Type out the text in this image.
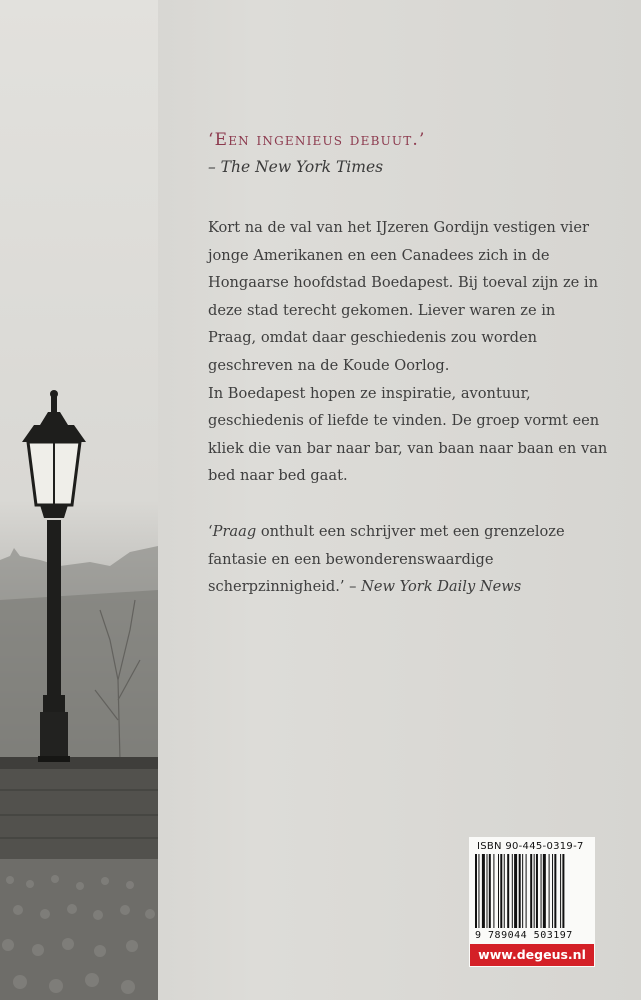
‘Een ingenieus debuut.’

– The New York Times

Kort na de val van het IJzeren Gordijn vestigen vier jonge Amerikanen en een Canadees zich in de Hongaarse hoofdstad Boedapest. Bij toeval zijn ze in deze stad terecht gekomen. Liever waren ze in Praag, omdat daar geschiedenis zou worden geschreven na de Koude Oorlog.

In Boedapest hopen ze inspiratie, avontuur, geschiedenis of liefde te vinden. De groep vormt een kliek die van bar naar bar, van baan naar baan en van bed naar bed gaat.

‘Praag onthult een schrijver met een grenzeloze fantasie en een bewonderenswaardige scherpzinnigheid.’ – New York Daily News
ISBN 90-445-0319-7
9 789044 503197
www.degeus.nl
